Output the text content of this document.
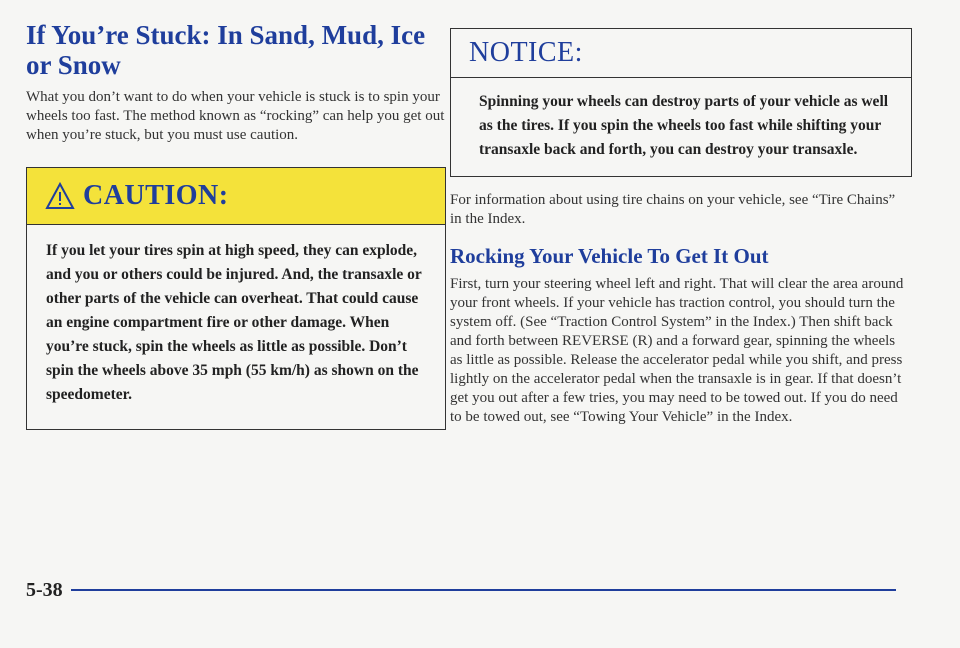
If You’re Stuck: In Sand, Mud, Ice or Snow

What you don’t want to do when your vehicle is stuck is to spin your wheels too fast. The method known as “rocking” can help you get out when you’re stuck, but you must use caution.

CAUTION:

If you let your tires spin at high speed, they can explode, and you or others could be injured. And, the transaxle or other parts of the vehicle can overheat. That could cause an engine compartment fire or other damage. When you’re stuck, spin the wheels as little as possible. Don’t spin the wheels above 35 mph (55 km/h) as shown on the speedometer.

NOTICE:

Spinning your wheels can destroy parts of your vehicle as well as the tires. If you spin the wheels too fast while shifting your transaxle back and forth, you can destroy your transaxle.

For information about using tire chains on your vehicle, see “Tire Chains” in the Index.

Rocking Your Vehicle To Get It Out

First, turn your steering wheel left and right. That will clear the area around your front wheels. If your vehicle has traction control, you should turn the system off. (See “Traction Control System” in the Index.) Then shift back and forth between REVERSE (R) and a forward gear, spinning the wheels as little as possible. Release the accelerator pedal while you shift, and press lightly on the accelerator pedal when the transaxle is in gear. If that doesn’t get you out after a few tries, you may need to be towed out. If you do need to be towed out, see “Towing Your Vehicle” in the Index.

5-38
